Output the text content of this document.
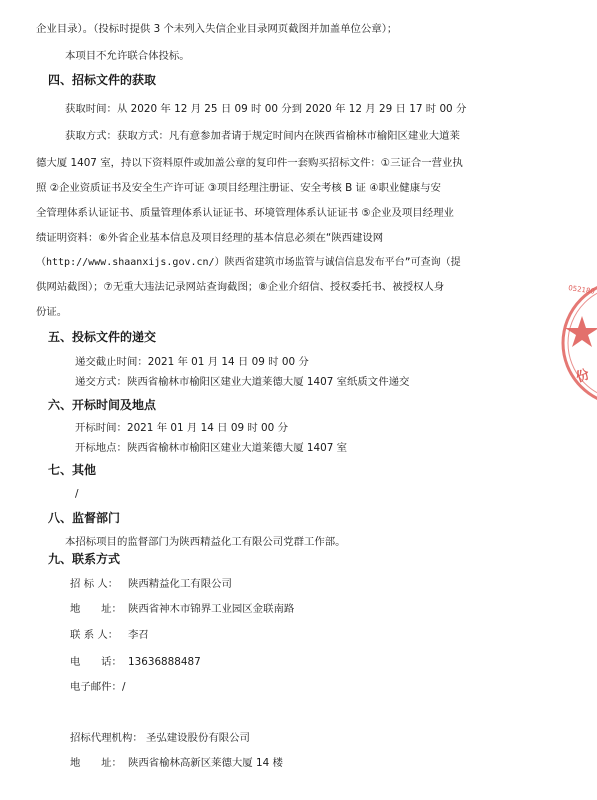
企业目录）。（投标时提供 3 个未列入失信企业目录网页截图并加盖单位公章）；
本项目不允许联合体投标。
四、招标文件的获取
获取时间：从 2020 年 12 月 25 日 09 时 00 分到 2020 年 12 月 29 日 17 时 00 分
获取方式：获取方式：凡有意参加者请于规定时间内在陕西省榆林市榆阳区建业大道莱
德大厦 1407 室，持以下资料原件或加盖公章的复印件一套购买招标文件：①三证合一营业执
照 ②企业资质证书及安全生产许可证 ③项目经理注册证、安全考核 B 证 ④职业健康与安
全管理体系认证证书、质量管理体系认证证书、环境管理体系认证证书 ⑤企业及项目经理业
绩证明资料：⑥外省企业基本信息及项目经理的基本信息必须在“陕西建设网
（http://www.shaanxijs.gov.cn/）陕西省建筑市场监管与诚信信息发布平台”可查询（提
供网站截图）；⑦无重大违法记录网站查询截图；⑧企业介绍信、授权委托书、被授权人身
份证。
五、投标文件的递交
递交截止时间：2021 年 01 月 14 日 09 时 00 分
递交方式：陕西省榆林市榆阳区建业大道莱德大厦 1407 室纸质文件递交
六、开标时间及地点
开标时间：2021 年 01 月 14 日 09 时 00 分
开标地点：陕西省榆林市榆阳区建业大道莱德大厦 1407 室
七、其他
/
八、监督部门
本招标项目的监督部门为陕西精益化工有限公司党群工作部。
九、联系方式
招 标 人： 陕西精益化工有限公司
地　　址： 陕西省神木市锦界工业园区金联南路
联 系 人： 李召
电　　话： 13636888487
电子邮件： /
招标代理机构： 圣弘建设股份有限公司
地　　址： 陕西省榆林高新区莱德大厦 14 楼
052180
份
